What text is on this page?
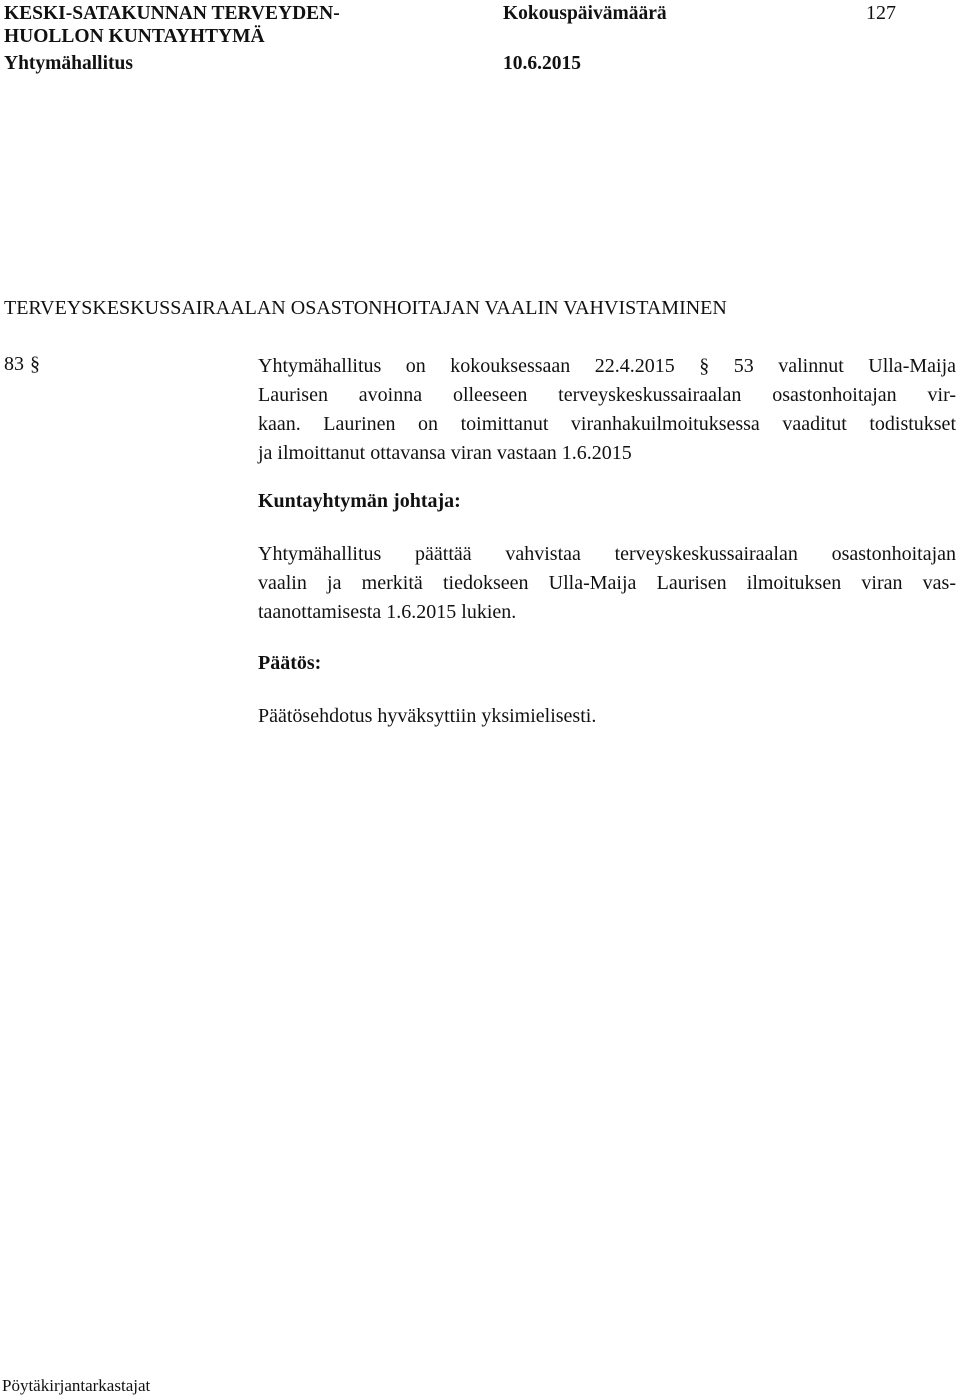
KESKI-SATAKUNNAN TERVEYDEN-
HUOLLON KUNTAYHTYMÄ
Yhtymähallitus
Kokouspäivämäärä
10.6.2015
127
TERVEYSKESKUSSAIRAALAN OSASTONHOITAJAN VAALIN VAHVISTAMINEN
83 §	Yhtymähallitus on kokouksessaan 22.4.2015 § 53 valinnut Ulla-Maija
Laurisen avoinna olleeseen terveyskeskussairaalan osastonhoitajan vir-
kaan. Laurinen on toimittanut viranhakuilmoituksessa vaaditut todistukset
ja ilmoittanut ottavansa viran vastaan 1.6.2015
Kuntayhtymän johtaja:
Yhtymähallitus päättää vahvistaa terveyskeskussairaalan osastonhoitajan
vaalin ja merkitä tiedokseen Ulla-Maija Laurisen ilmoituksen viran vas-
taanottamisesta 1.6.2015 lukien.
Päätös:
Päätösehdotus hyväksyttiin yksimielisesti.
Pöytäkirjantarkastajat
